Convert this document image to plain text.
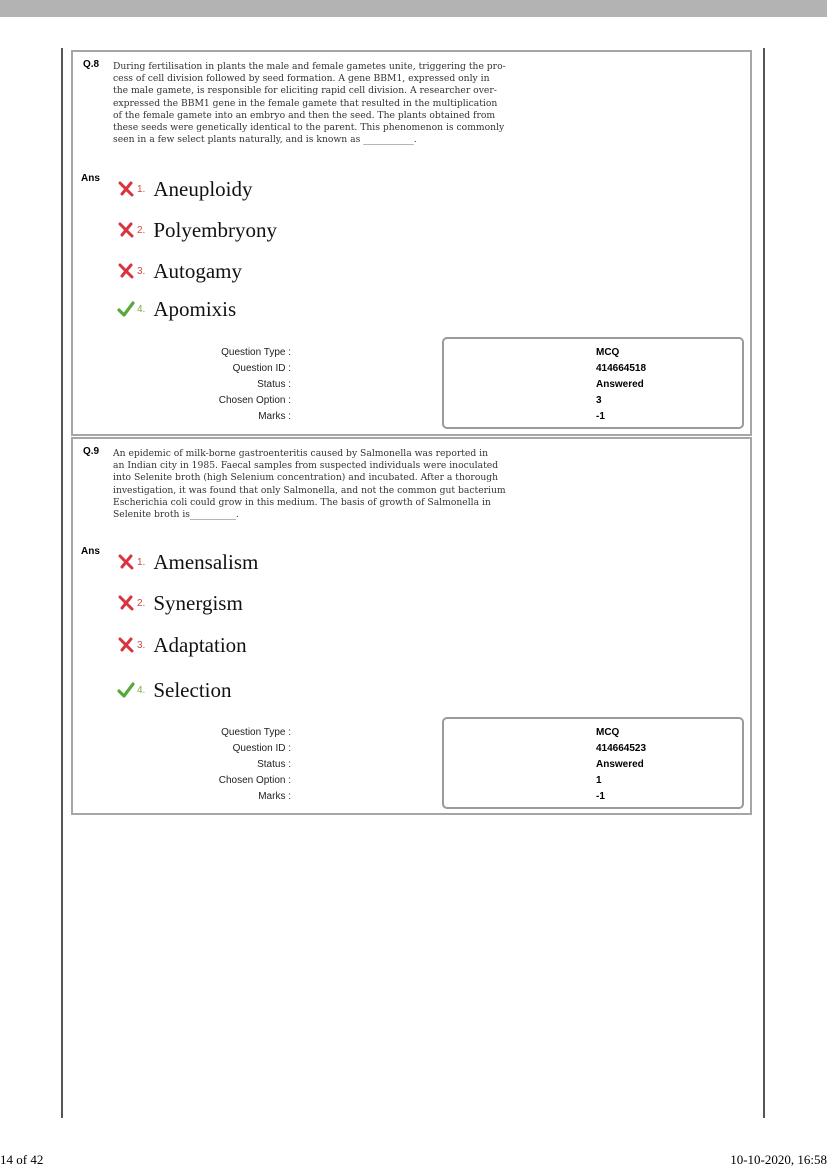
Q.8 During fertilisation in plants the male and female gametes unite, triggering the pro-
cess of cell division followed by seed formation. A gene BBM1, expressed only in
the male gamete, is responsible for eliciting rapid cell division. A researcher over-
expressed the BBM1 gene in the female gamete that resulted in the multiplication
of the female gamete into an embryo and then the seed. The plants obtained from
these seeds were genetically identical to the parent. This phenomenon is commonly
seen in a few select plants naturally, and is known as ___________.
Ans
1. Aneuploidy
2. Polyembryony
3. Autogamy
4. Apomixis
Question Type :	MCQ
Question ID :	414664518
Status :	Answered
Chosen Option :	3
Marks :	-1
Q.9 An epidemic of milk-borne gastroenteritis caused by Salmonella was reported in
an Indian city in 1985. Faecal samples from suspected individuals were inoculated
into Selenite broth (high Selenium concentration) and incubated. After a thorough
investigation, it was found that only Salmonella, and not the common gut bacterium
Escherichia coli could grow in this medium. The basis of growth of Salmonella in
Selenite broth is__________.
Ans
1. Amensalism
2. Synergism
3. Adaptation
4. Selection
Question Type :	MCQ
Question ID :	414664523
Status :	Answered
Chosen Option :	1
Marks :	-1
14 of 42	10-10-2020, 16:58
